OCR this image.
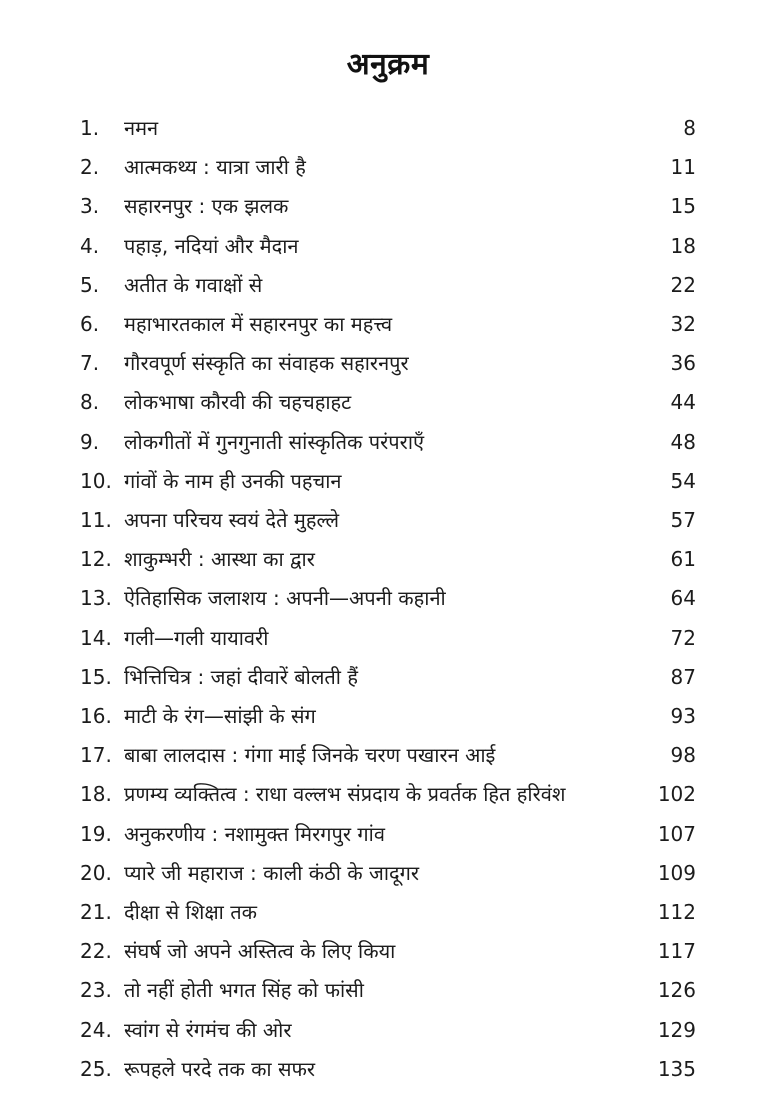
अनुक्रम
1.	नमन	8
2.	आत्मकथ्य : यात्रा जारी है	11
3.	सहारनपुर : एक झलक	15
4.	पहाड़, नदियां और मैदान	18
5.	अतीत के गवाक्षों से	22
6.	महाभारतकाल में सहारनपुर का महत्त्व	32
7.	गौरवपूर्ण संस्कृति का संवाहक सहारनपुर	36
8.	लोकभाषा कौरवी की चहचहाहट	44
9.	लोकगीतों में गुनगुनाती सांस्कृतिक परंपराएँ	48
10. गांवों के नाम ही उनकी पहचान	54
11. अपना परिचय स्वयं देते मुहल्ले	57
12. शाकुम्भरी : आस्था का द्वार	61
13. ऐतिहासिक जलाशय : अपनी—अपनी कहानी	64
14. गली—गली यायावरी	72
15. भित्तिचित्र : जहां दीवारें बोलती हैं	87
16. माटी के रंग—सांझी के संग	93
17. बाबा लालदास : गंगा माई जिनके चरण पखारन आई	98
18. प्रणम्य व्यक्तित्व : राधा वल्लभ संप्रदाय के प्रवर्तक हित हरिवंश	102
19. अनुकरणीय : नशामुक्त मिरगपुर गांव	107
20. प्यारे जी महाराज : काली कंठी के जादूगर	109
21. दीक्षा से शिक्षा तक	112
22. संघर्ष जो अपने अस्तित्व के लिए किया	117
23. तो नहीं होती भगत सिंह को फांसी	126
24. स्वांग से रंगमंच की ओर	129
25. रूपहले परदे तक का सफर	135
